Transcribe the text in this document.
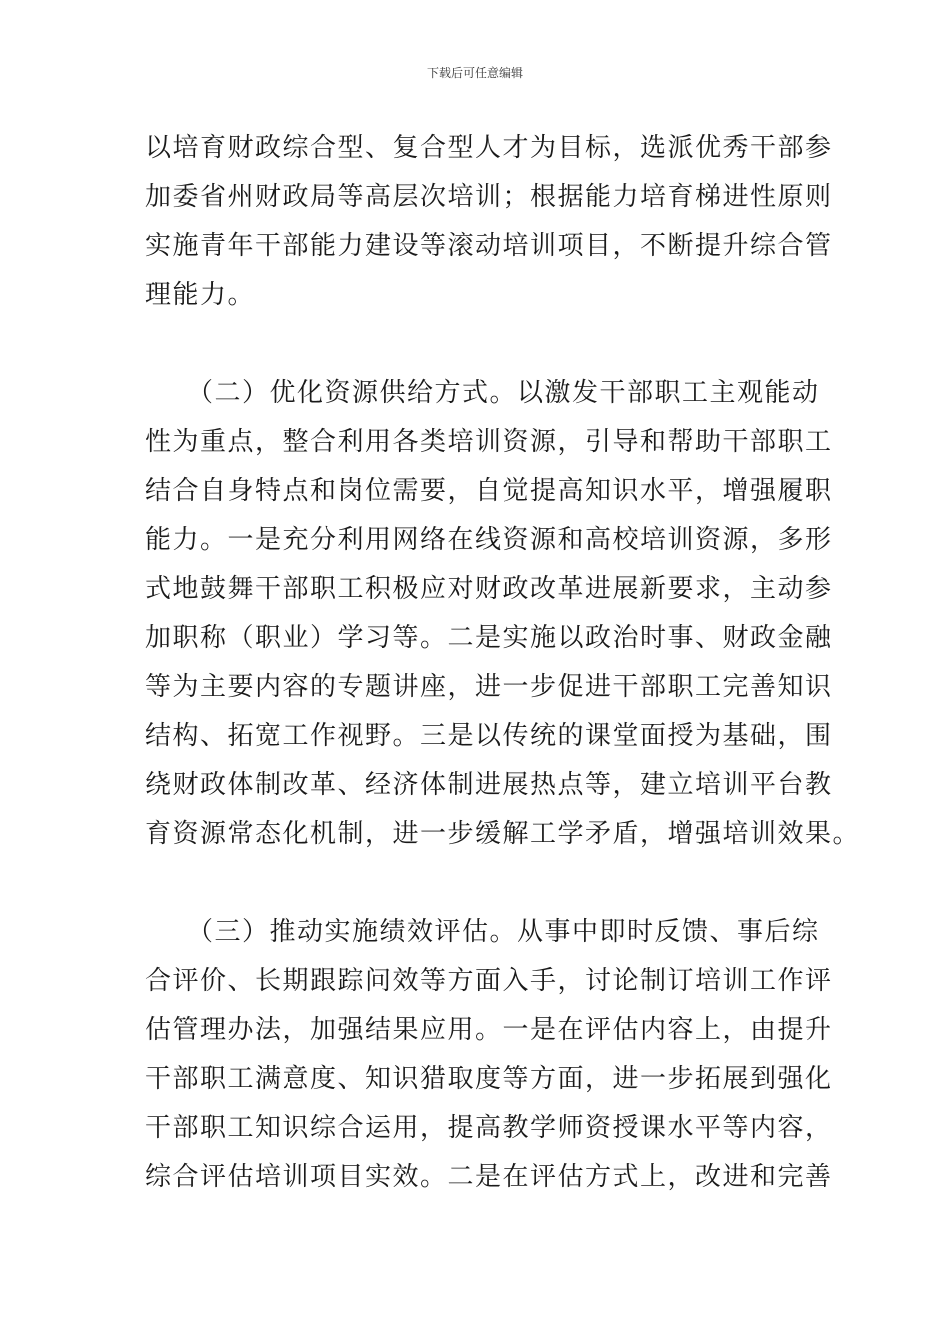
下载后可任意编辑
以培育财政综合型、复合型人才为目标，选派优秀干部参
加委省州财政局等高层次培训；根据能力培育梯进性原则
实施青年干部能力建设等滚动培训项目，不断提升综合管
理能力。
　　（二）优化资源供给方式。以激发干部职工主观能动
性为重点，整合利用各类培训资源，引导和帮助干部职工
结合自身特点和岗位需要，自觉提高知识水平，增强履职
能力。一是充分利用网络在线资源和高校培训资源，多形
式地鼓舞干部职工积极应对财政改革进展新要求，主动参
加职称（职业）学习等。二是实施以政治时事、财政金融
等为主要内容的专题讲座，进一步促进干部职工完善知识
结构、拓宽工作视野。三是以传统的课堂面授为基础，围
绕财政体制改革、经济体制进展热点等，建立培训平台教
育资源常态化机制，进一步缓解工学矛盾，增强培训效果。
　　（三）推动实施绩效评估。从事中即时反馈、事后综
合评价、长期跟踪问效等方面入手，讨论制订培训工作评
估管理办法，加强结果应用。一是在评估内容上，由提升
干部职工满意度、知识猎取度等方面，进一步拓展到强化
干部职工知识综合运用，提高教学师资授课水平等内容，
综合评估培训项目实效。二是在评估方式上，改进和完善
